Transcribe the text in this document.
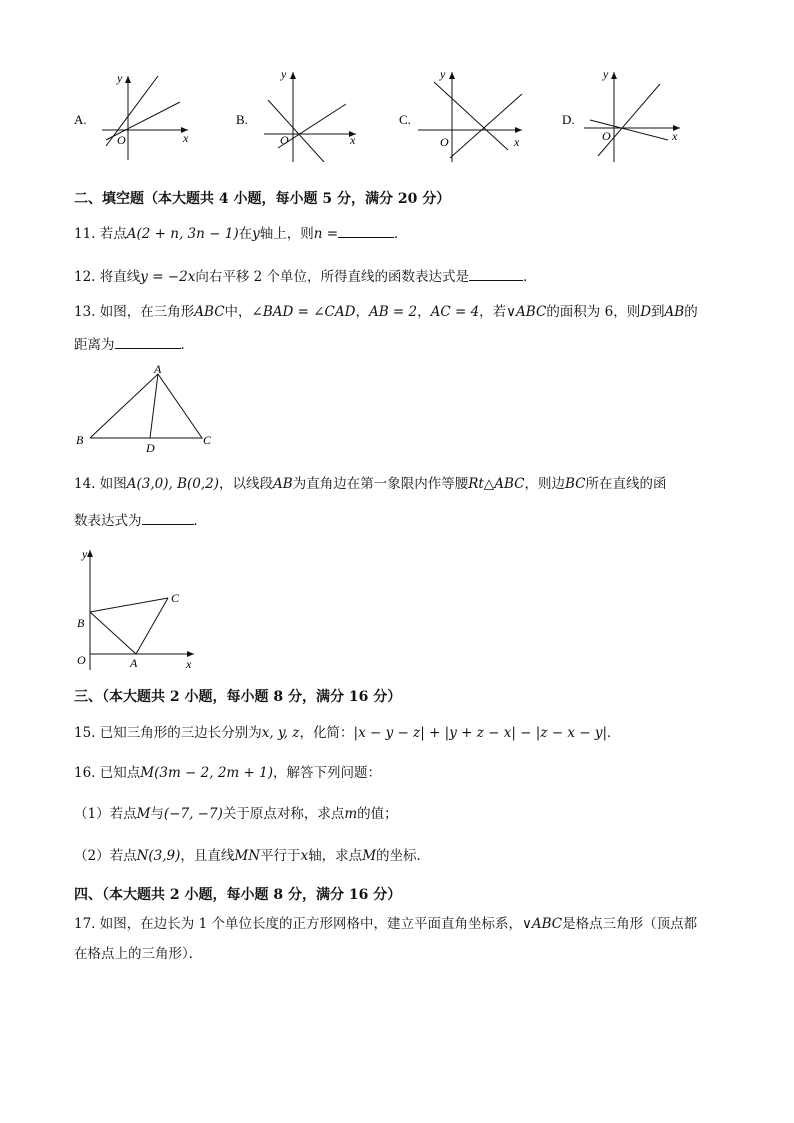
A.
y
x
O
B.
y
x
O
C.
y
x
O
D.
y
x
O
二、填空题（本大题共 4 小题，每小题 5 分，满分 20 分）
11. 若点A(2 + n, 3n − 1)在y轴上，则n =	．
12. 将直线y = −2x向右平移 2 个单位，所得直线的函数表达式是	．
13. 如图，在三角形ABC中，∠BAD = ∠CAD，AB = 2，AC = 4，若∨ABC的面积为 6，则D到AB的
距离为	．
A
B	C
D
14. 如图A(3,0), B(0,2)，以线段AB为直角边在第一象限内作等腰Rt△ABC，则边BC所在直线的函
数表达式为	．
y
x
O	A
B
C
三、（本大题共 2 小题，每小题 8 分，满分 16 分）
15. 已知三角形的三边长分别为x, y, z，化简：|x − y − z| + |y + z − x| − |z − x − y|．
16. 已知点M(3m − 2, 2m + 1)，解答下列问题：
（1）若点M与(−7, −7)关于原点对称，求点m的值；
（2）若点N(3,9)，且直线MN平行于x轴，求点M的坐标．
四、（本大题共 2 小题，每小题 8 分，满分 16 分）
17. 如图，在边长为 1 个单位长度的正方形网格中，建立平面直角坐标系，∨ABC是格点三角形（顶点都
在格点上的三角形）．
